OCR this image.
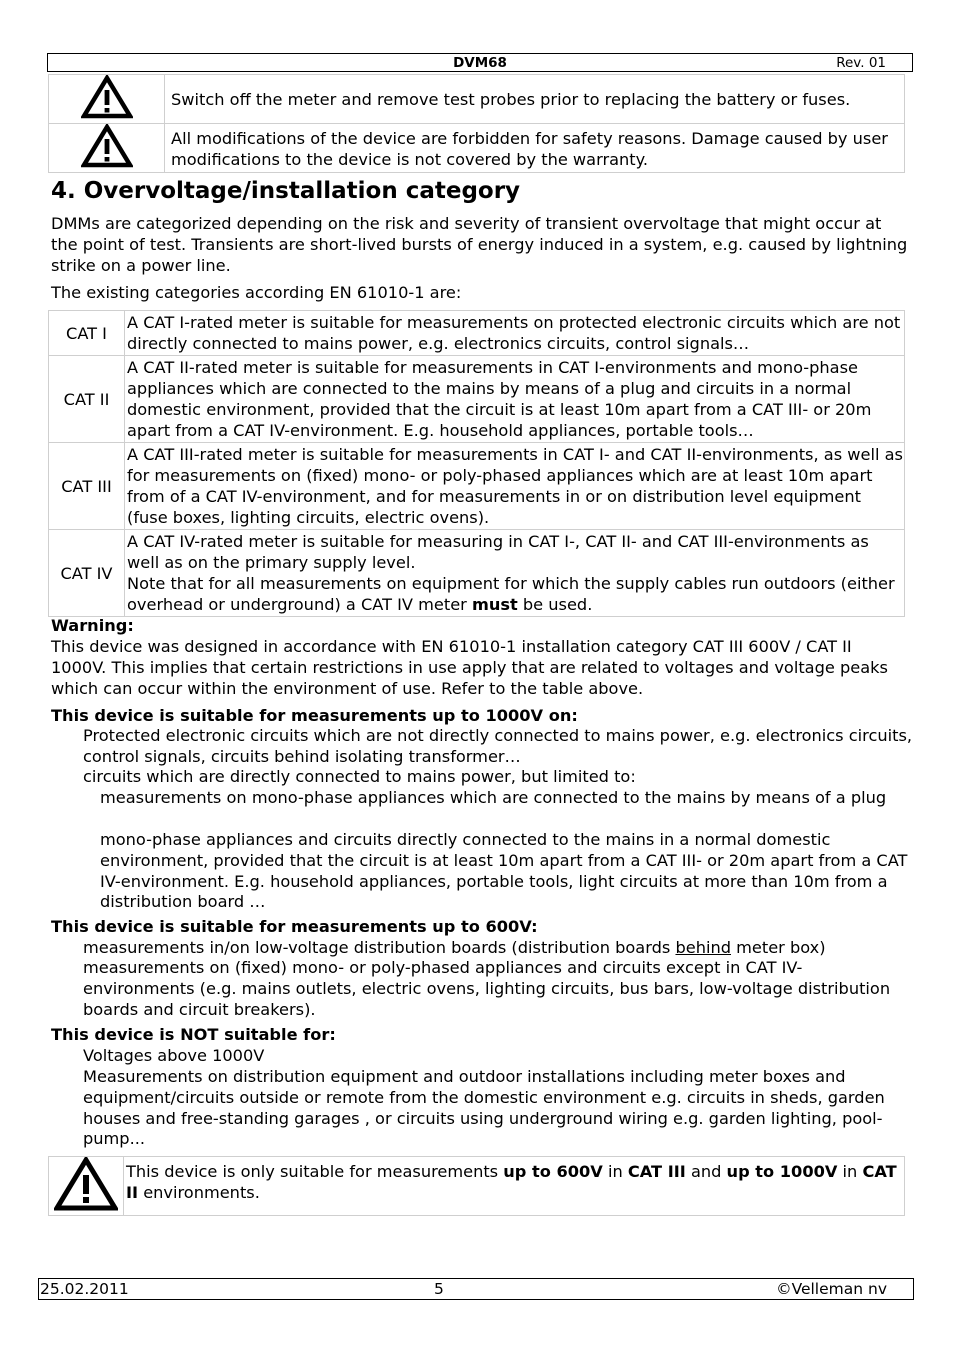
DVM68	Rev. 01
	Switch off the meter and remove test probes prior to replacing the battery or fuses.
	All modifications of the device are forbidden for safety reasons. Damage caused by user modifications to the device is not covered by the warranty.
4. Overvoltage/installation category
DMMs are categorized depending on the risk and severity of transient overvoltage that might occur at the point of test. Transients are short-lived bursts of energy induced in a system, e.g. caused by lightning strike on a power line.
The existing categories according EN 61010-1 are:
CAT I	A CAT I-rated meter is suitable for measurements on protected electronic circuits which are not directly connected to mains power, e.g. electronics circuits, control signals…
CAT II	A CAT II-rated meter is suitable for measurements in CAT I-environments and mono-phase appliances which are connected to the mains by means of a plug and circuits in a normal domestic environment, provided that the circuit is at least 10m apart from a CAT III- or 20m apart from a CAT IV-environment. E.g. household appliances, portable tools…
CAT III	A CAT III-rated meter is suitable for measurements in CAT I- and CAT II-environments, as well as for measurements on (fixed) mono- or poly-phased appliances which are at least 10m apart from of a CAT IV-environment, and for measurements in or on distribution level equipment (fuse boxes, lighting circuits, electric ovens).
CAT IV	A CAT IV-rated meter is suitable for measuring in CAT I-, CAT II- and CAT III-environments as well as on the primary supply level.
Note that for all measurements on equipment for which the supply cables run outdoors (either overhead or underground) a CAT IV meter must be used.
Warning:
This device was designed in accordance with EN 61010-1 installation category CAT III 600V / CAT II 1000V. This implies that certain restrictions in use apply that are related to voltages and voltage peaks which can occur within the environment of use. Refer to the table above.
This device is suitable for measurements up to 1000V on:
Protected electronic circuits which are not directly connected to mains power, e.g. electronics circuits, control signals, circuits behind isolating transformer…
circuits which are directly connected to mains power, but limited to:
measurements on mono-phase appliances which are connected to the mains by means of a plug
mono-phase appliances and circuits directly connected to the mains in a normal domestic environment, provided that the circuit is at least 10m apart from a CAT III- or 20m apart from a CAT IV-environment. E.g. household appliances, portable tools, light circuits at more than 10m from a distribution board …
This device is suitable for measurements up to 600V:
measurements in/on low-voltage distribution boards (distribution boards behind meter box)
measurements on (fixed) mono- or poly-phased appliances and circuits except in CAT IV-environments (e.g. mains outlets, electric ovens, lighting circuits, bus bars, low-voltage distribution boards and circuit breakers).
This device is NOT suitable for:
Voltages above 1000V
Measurements on distribution equipment and outdoor installations including meter boxes and equipment/circuits outside or remote from the domestic environment e.g. circuits in sheds, garden houses and free-standing garages , or circuits using underground wiring e.g. garden lighting, pool-pump...
	This device is only suitable for measurements up to 600V in CAT III and up to 1000V in CAT II environments.
25.02.2011	5	©Velleman nv
